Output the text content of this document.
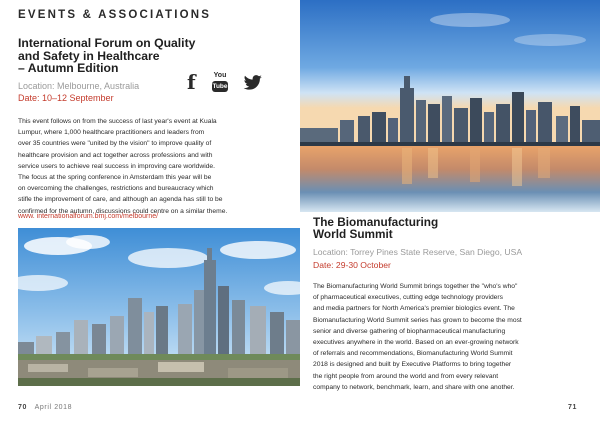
EVENTS & ASSOCIATIONS
International Forum on Quality
and Safety in Healthcare
– Autumn Edition
f	You
Tube
Location: Melbourne, Australia
Date: 10–12 September
This event follows on from the success of last year's event at Kuala
Lumpur, where 1,000 healthcare practitioners and leaders from
over 35 countries were "united by the vision" to improve quality of
healthcare provision and act together across professions and with
service users to achieve real success in improving care worldwide.
The focus at the spring conference in Amsterdam this year will be
on overcoming the challenges, restrictions and bureaucracy which
stifle the improvement of care, and although an agenda has still to be
confirmed for the autumn, discussions could centre on a similar theme.
www. internationalforum.bmj.com/melbourne/
70 April 2018
The Biomanufacturing
World Summit
Location: Torrey Pines State Reserve, San Diego, USA
Date: 29-30 October
The Biomanufacturing World Summit brings together the "who's who"
of pharmaceutical executives, cutting edge technology providers
and media partners for North America's premier biologics event. The
Biomanufacturing World Summit series has grown to become the most
senior and diverse gathering of biopharmaceutical manufacturing
executives anywhere in the world. Based on an ever-growing network
of referrals and recommendations, Biomanufacturing World Summit
2018 is designed and built by Executive Platforms to bring together
the right people from around the world and from every relevant
company to network, benchmark, learn, and share with one another.
71
